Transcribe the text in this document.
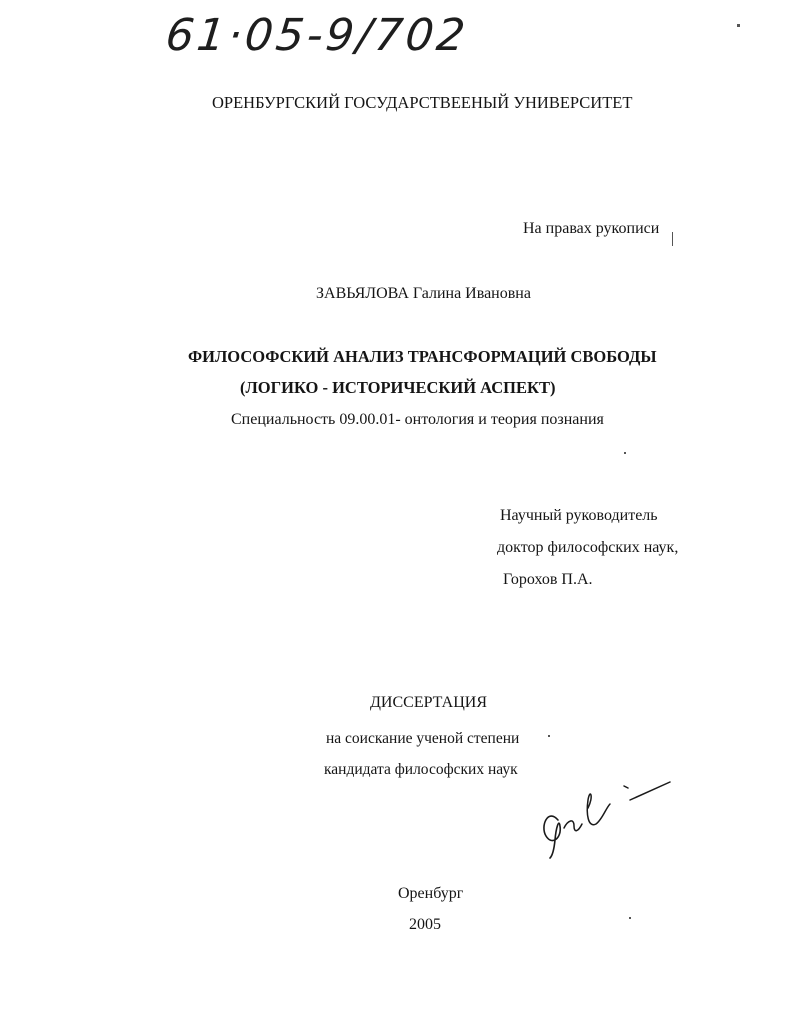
61·05-9/702
ОРЕНБУРГСКИЙ ГОСУДАРСТВЕЕНЫЙ УНИВЕРСИТЕТ
На правах рукописи
ЗАВЬЯЛОВА Галина Ивановна
ФИЛОСОФСКИЙ АНАЛИЗ ТРАНСФОРМАЦИЙ СВОБОДЫ
(ЛОГИКО - ИСТОРИЧЕСКИЙ АСПЕКТ)
Специальность 09.00.01- онтология и теория познания
Научный руководитель
доктор философских наук,
Горохов П.А.
ДИССЕРТАЦИЯ
на соискание ученой степени
кандидата философских наук
Оренбург
2005
